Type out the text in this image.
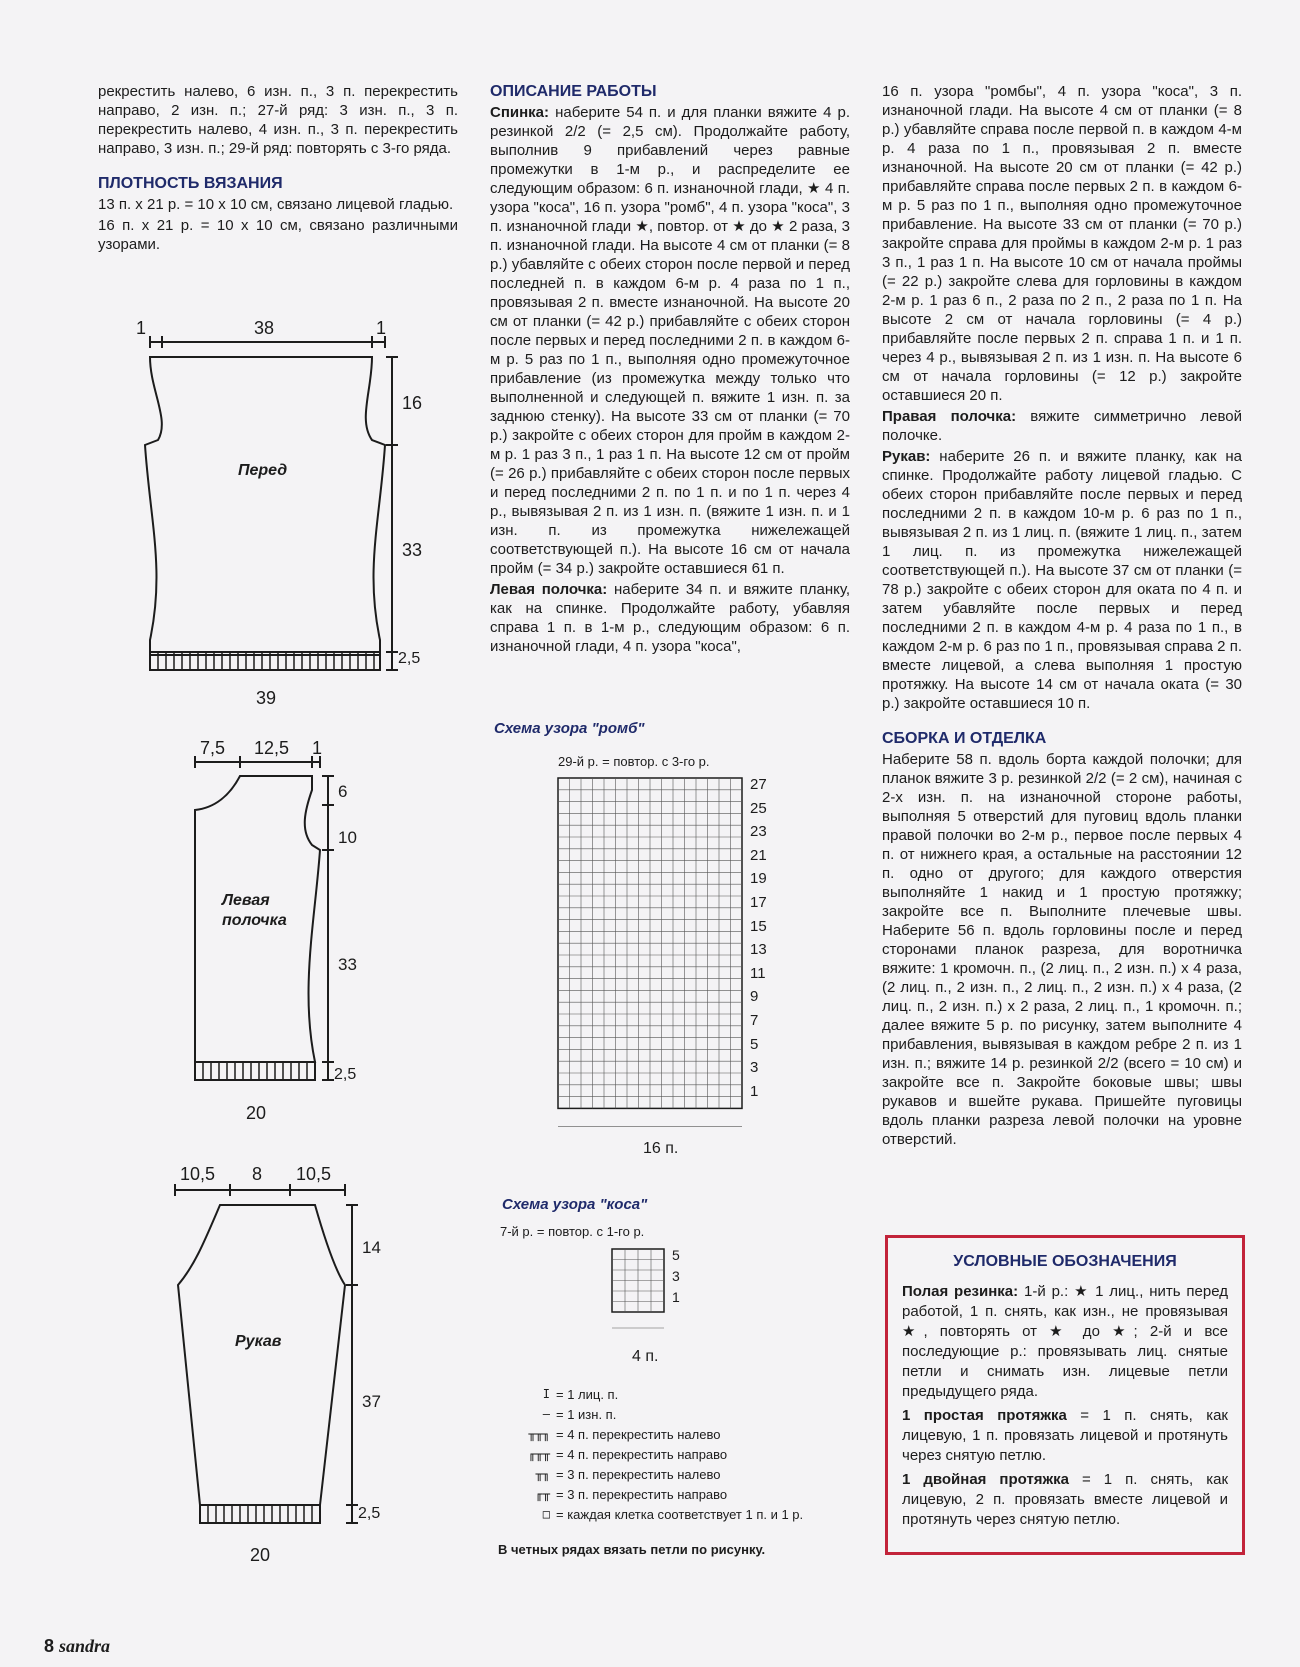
рекрестить налево, 6 изн. п., 3 п. перекрестить направо, 2 изн. п.; 27-й ряд: 3 изн. п., 3 п. перекрестить налево, 4 изн. п., 3 п. перекрестить направо, 3 изн. п.; 29-й ряд: повторять с 3-го ряда.

ПЛОТНОСТЬ ВЯЗАНИЯ

13 п. х 21 р. = 10 х 10 см, связано лицевой гладью.

16 п. х 21 р. = 10 х 10 см, связано различными узорами.

ОПИСАНИЕ РАБОТЫ

Спинка: наберите 54 п. и для планки вяжите 4 р. резинкой 2/2 (= 2,5 см). Продолжайте работу, выполнив 9 прибавлений через равные промежутки в 1-м р., и распределите ее следующим образом: 6 п. изнаночной глади, ★ 4 п. узора "коса", 16 п. узора "ромб", 4 п. узора "коса", 3 п. изнаночной глади ★, повтор. от ★ до ★ 2 раза, 3 п. изнаночной глади. На высоте 4 см от планки (= 8 р.) убавляйте с обеих сторон после первой и перед последней п. в каждом 6-м р. 4 раза по 1 п., провязывая 2 п. вместе изнаночной. На высоте 20 см от планки (= 42 р.) прибавляйте с обеих сторон после первых и перед последними 2 п. в каждом 6-м р. 5 раз по 1 п., выполняя одно промежуточное прибавление (из промежутка между только что выполненной и следующей п. вяжите 1 изн. п. за заднюю стенку). На высоте 33 см от планки (= 70 р.) закройте с обеих сторон для пройм в каждом 2-м р. 1 раз 3 п., 1 раз 1 п. На высоте 12 см от пройм (= 26 р.) прибавляйте с обеих сторон после первых и перед последними 2 п. по 1 п. и по 1 п. через 4 р., вывязывая 2 п. из 1 изн. п. (вяжите 1 изн. п. и 1 изн. п. из промежутка нижележащей соответствующей п.). На высоте 16 см от начала пройм (= 34 р.) закройте оставшиеся 61 п.

Левая полочка: наберите 34 п. и вяжите планку, как на спинке. Продолжайте работу, убавляя справа 1 п. в 1-м р., следующим образом: 6 п. изнаночной глади, 4 п. узора "коса",

16 п. узора "ромбы", 4 п. узора "коса", 3 п. изнаночной глади. На высоте 4 см от планки (= 8 р.) убавляйте справа после первой п. в каждом 4-м р. 4 раза по 1 п., провязывая 2 п. вместе изнаночной. На высоте 20 см от планки (= 42 р.) прибавляйте справа после первых 2 п. в каждом 6-м р. 5 раз по 1 п., выполняя одно промежуточное прибавление. На высоте 33 см от планки (= 70 р.) закройте справа для проймы в каждом 2-м р. 1 раз 3 п., 1 раз 1 п. На высоте 10 см от начала проймы (= 22 р.) закройте слева для горловины в каждом 2-м р. 1 раз 6 п., 2 раза по 2 п., 2 раза по 1 п. На высоте 2 см от начала горловины (= 4 р.) прибавляйте после первых 2 п. справа 1 п. и 1 п. через 4 р., вывязывая 2 п. из 1 изн. п. На высоте 6 см от начала горловины (= 12 р.) закройте оставшиеся 20 п.

Правая полочка: вяжите симметрично левой полочке.

Рукав: наберите 26 п. и вяжите планку, как на спинке. Продолжайте работу лицевой гладью. С обеих сторон прибавляйте после первых и перед последними 2 п. в каждом 10-м р. 6 раз по 1 п., вывязывая 2 п. из 1 лиц. п. (вяжите 1 лиц. п., затем 1 лиц. п. из промежутка нижележащей соответствующей п.). На высоте 37 см от планки (= 78 р.) закройте с обеих сторон для оката по 4 п. и затем убавляйте после первых и перед последними 2 п. в каждом 4-м р. 4 раза по 1 п., в каждом 2-м р. 6 раз по 1 п., провязывая справа 2 п. вместе лицевой, а слева выполняя 1 простую протяжку. На высоте 14 см от начала оката (= 30 р.) закройте оставшиеся 10 п.

СБОРКА И ОТДЕЛКА

Наберите 58 п. вдоль борта каждой полочки; для планок вяжите 3 р. резинкой 2/2 (= 2 см), начиная с 2-х изн. п. на изнаночной стороне работы, выполняя 5 отверстий для пуговиц вдоль планки правой полочки во 2-м р., первое после первых 4 п. от нижнего края, а остальные на расстоянии 12 п. одно от другого; для каждого отверстия выполняйте 1 накид и 1 простую протяжку; закройте все п. Выполните плечевые швы. Наберите 56 п. вдоль горловины после и перед сторонами планок разреза, для воротничка вяжите: 1 кромочн. п., (2 лиц. п., 2 изн. п.) х 4 раза, (2 лиц. п., 2 изн. п., 2 лиц. п., 2 изн. п.) х 4 раза, (2 лиц. п., 2 изн. п.) х 2 раза, 2 лиц. п., 1 кромочн. п.; далее вяжите 5 р. по рисунку, затем выполните 4 прибавления, вывязывая в каждом ребре 2 п. из 1 изн. п.; вяжите 14 р. резинкой 2/2 (всего = 10 см) и закройте все п. Закройте боковые швы; швы рукавов и вшейте рукава. Пришейте пуговицы вдоль планки разреза левой полочки на уровне отверстий.

1	38	1
Перед
16
33
2,5
39
7,5 12,5 1
Левая
полочка
6
10
33
2,5
20
10,5 8 10,5
Рукав
14
37
2,5
20
Схема узора "ромб"
29-й р. = повтор. с 3-го р.
27
25
23
21
19
17
15
13
11
9
7
5
3
1
16 п.
Схема узора "коса"
7-й р. = повтор. с 1-го р.
5
3
1
4 п.
I = 1 лиц. п.
– = 1 изн. п.
╥╥╖ = 4 п. перекрестить налево
╓╥╥ = 4 п. перекрестить направо
╥╖ = 3 п. перекрестить налево
╓╥ = 3 п. перекрестить направо
□ = каждая клетка соответствует 1 п. и 1 р.
В четных рядах вязать петли по рисунку.
УСЛОВНЫЕ ОБОЗНАЧЕНИЯ

Полая резинка: 1-й р.: ★ 1 лиц., нить перед работой, 1 п. снять, как изн., не провязывая ★, повторять от ★ до ★; 2-й и все последующие р.: провязывать лиц. снятые петли и снимать изн. лицевые петли предыдущего ряда.

1 простая протяжка = 1 п. снять, как лицевую, 1 п. провязать лицевой и протянуть через снятую петлю.

1 двойная протяжка = 1 п. снять, как лицевую, 2 п. провязать вместе лицевой и протянуть через снятую петлю.

8 sandra
